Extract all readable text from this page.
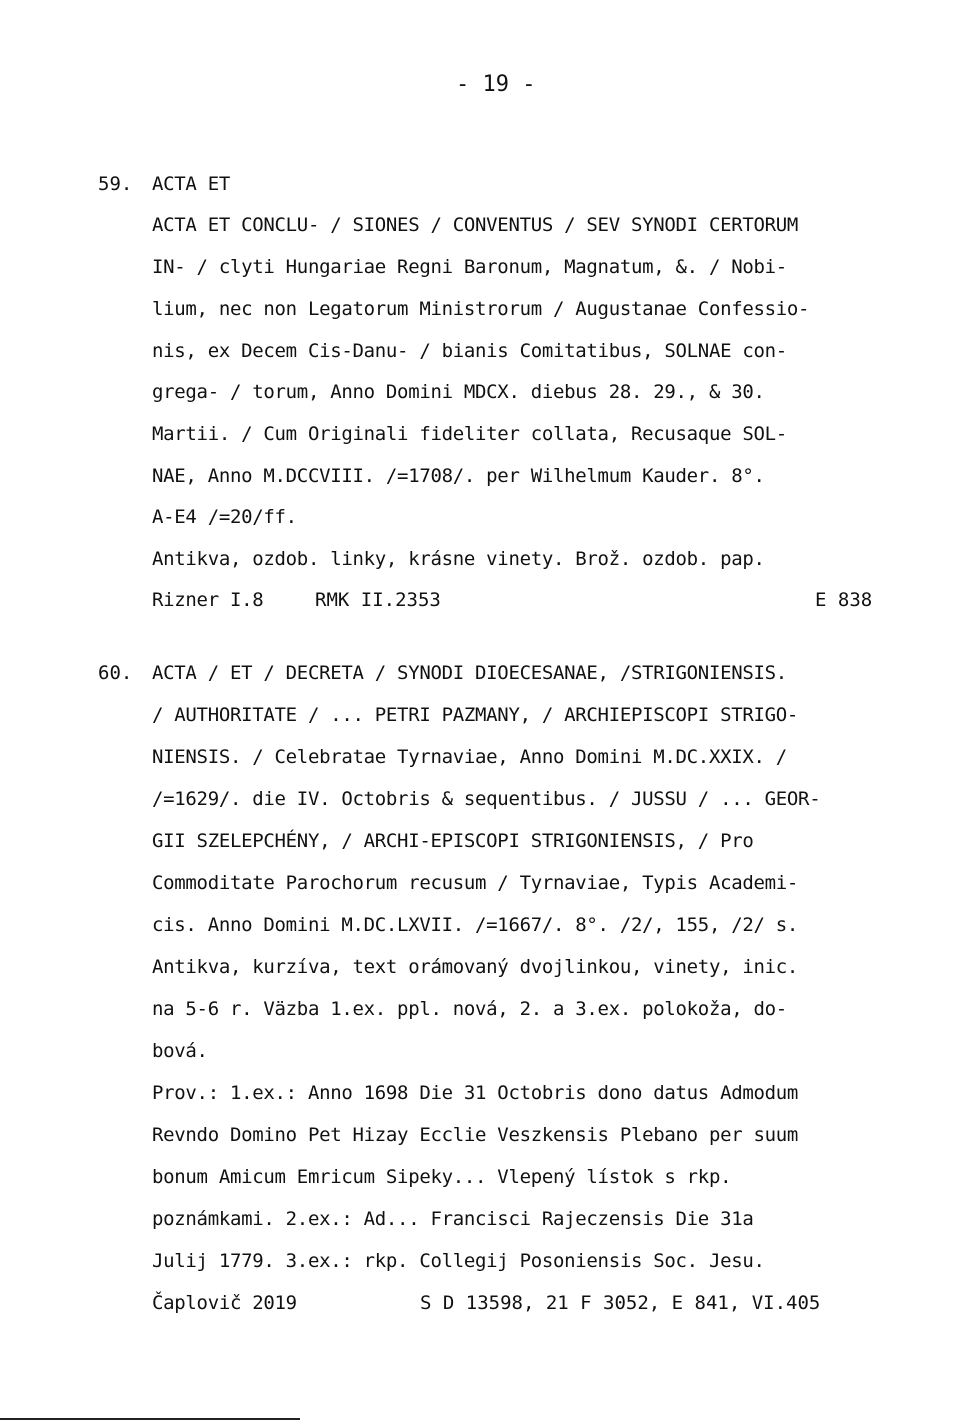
- 19 -
59. ACTA ET
ACTA ET CONCLU- / SIONES / CONVENTUS / SEV SYNODI CERTORUM
IN- / clyti Hungariae Regni Baronum, Magnatum, &. / Nobi-
lium, nec non Legatorum Ministrorum / Augustanae Confessio-
nis, ex Decem Cis-Danu- / bianis Comitatibus, SOLNAE con-
grega- / torum, Anno Domini MDCX. diebus 28. 29., & 30.
Martii. / Cum Originali fideliter collata, Recusaque SOL-
NAE, Anno M.DCCVIII. /=1708/. per Wilhelmum Kauder. 8°.
A-E4 /=20/ff.
Antikva, ozdob. linky, krásne vinety. Brož. ozdob. pap.
Rizner I.8	RMK II.2353	E 838
60. ACTA / ET / DECRETA / SYNODI DIOECESANAE, /STRIGONIENSIS.
/ AUTHORITATE / ... PETRI PAZMANY, / ARCHIEPISCOPI STRIGO-
NIENSIS. / Celebratae Tyrnaviae, Anno Domini M.DC.XXIX. /
/=1629/. die IV. Octobris & sequentibus. / JUSSU / ... GEOR-
GII SZELEPCHÉNY, / ARCHI-EPISCOPI STRIGONIENSIS, / Pro
Commoditate Parochorum recusum / Tyrnaviae, Typis Academi-
cis. Anno Domini M.DC.LXVII. /=1667/. 8°. /2/, 155, /2/ s.
Antikva, kurzíva, text orámovaný dvojlinkou, vinety, inic.
na 5-6 r. Väzba 1.ex. ppl. nová, 2. a 3.ex. polokoža, do-
bová.
Prov.: 1.ex.: Anno 1698 Die 31 Octobris dono datus Admodum
Revndo Domino Pet Hizay Ecclie Veszkensis Plebano per suum
bonum Amicum Emricum Sipeky... Vlepený lístok s rkp.
poznámkami. 2.ex.: Ad... Francisci Rajeczensis Die 31a
Julij 1779. 3.ex.: rkp. Collegij Posoniensis Soc. Jesu.
Čaplovič 2019	S D 13598, 21 F 3052, E 841, VI.405
